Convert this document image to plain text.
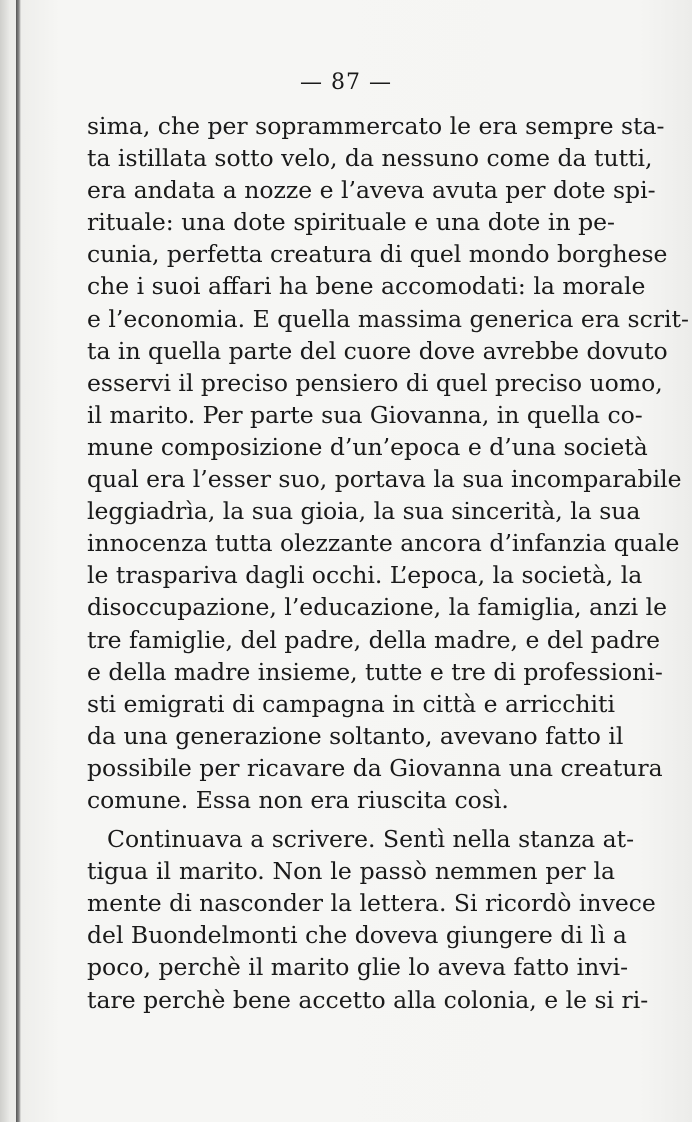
— 87 —
sima, che per soprammercato le era sempre sta-
ta istillata sotto velo, da nessuno come da tutti,
era andata a nozze e l’aveva avuta per dote spi-
rituale: una dote spirituale e una dote in pe-
cunia, perfetta creatura di quel mondo borghese
che i suoi affari ha bene accomodati: la morale
e l’economia. E quella massima generica era scrit-
ta in quella parte del cuore dove avrebbe dovuto
esservi il preciso pensiero di quel preciso uomo,
il marito. Per parte sua Giovanna, in quella co-
mune composizione d’un’epoca e d’una società
qual era l’esser suo, portava la sua incomparabile
leggiadrìa, la sua gioia, la sua sincerità, la sua
innocenza tutta olezzante ancora d’infanzia quale
le traspariva dagli occhi. L’epoca, la società, la
disoccupazione, l’educazione, la famiglia, anzi le
tre famiglie, del padre, della madre, e del padre
e della madre insieme, tutte e tre di professioni-
sti emigrati di campagna in città e arricchiti
da una generazione soltanto, avevano fatto il
possibile per ricavare da Giovanna una creatura
comune. Essa non era riuscita così.
Continuava a scrivere. Sentì nella stanza at-
tigua il marito. Non le passò nemmen per la
mente di nasconder la lettera. Si ricordò invece
del Buondelmonti che doveva giungere di lì a
poco, perchè il marito glie lo aveva fatto invi-
tare perchè bene accetto alla colonia, e le si ri-
